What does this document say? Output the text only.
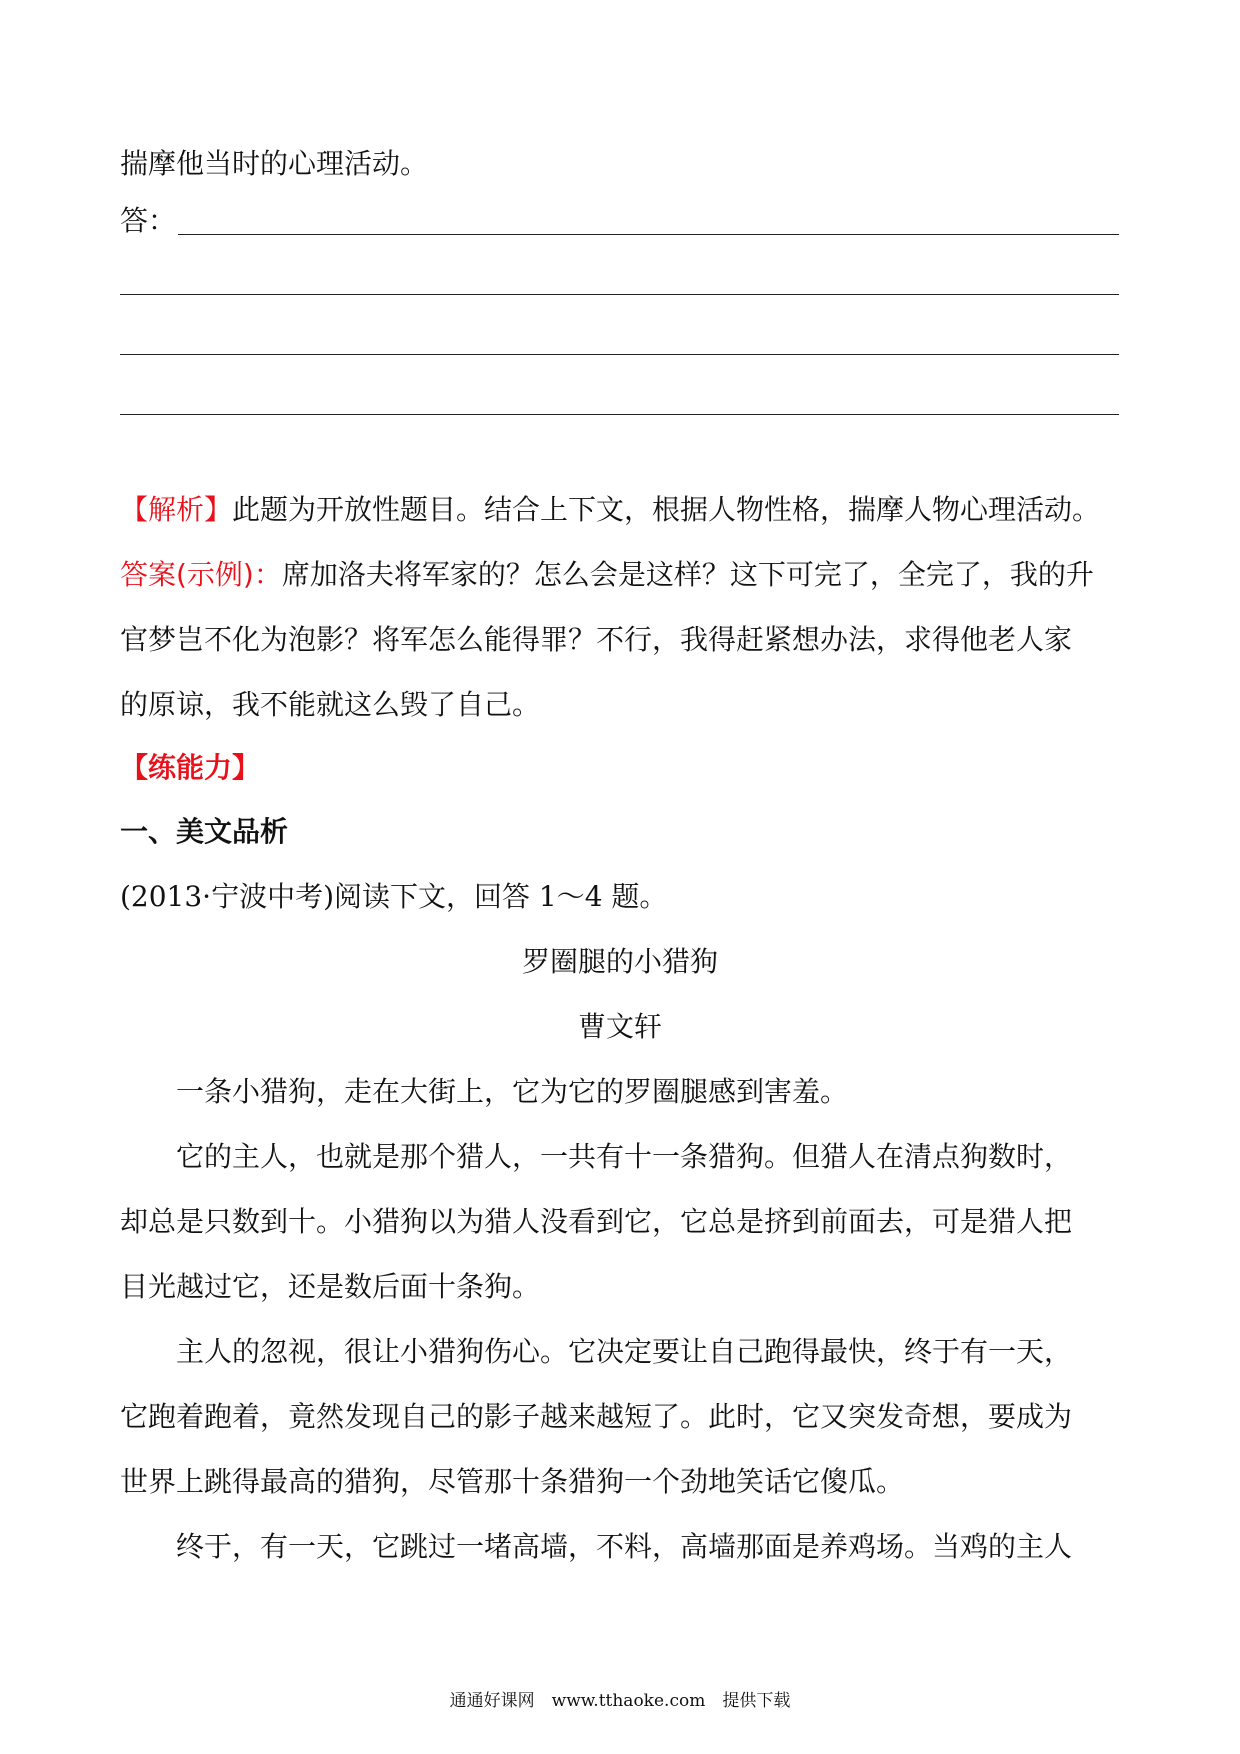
揣摩他当时的心理活动。
答：
【解析】此题为开放性题目。结合上下文，根据人物性格，揣摩人物心理活动。
答案(示例)：席加洛夫将军家的？怎么会是这样？这下可完了，全完了，我的升
官梦岂不化为泡影？将军怎么能得罪？不行，我得赶紧想办法，求得他老人家
的原谅，我不能就这么毁了自己。
【练能力】
一、美文品析
(2013·宁波中考)阅读下文，回答 1～4 题。
罗圈腿的小猎狗
曹文轩
　　一条小猎狗，走在大街上，它为它的罗圈腿感到害羞。
　　它的主人，也就是那个猎人，一共有十一条猎狗。但猎人在清点狗数时，
却总是只数到十。小猎狗以为猎人没看到它，它总是挤到前面去，可是猎人把
目光越过它，还是数后面十条狗。
　　主人的忽视，很让小猎狗伤心。它决定要让自己跑得最快，终于有一天，
它跑着跑着，竟然发现自己的影子越来越短了。此时，它又突发奇想，要成为
世界上跳得最高的猎狗，尽管那十条猎狗一个劲地笑话它傻瓜。
　　终于，有一天，它跳过一堵高墙，不料，高墙那面是养鸡场。当鸡的主人
通通好课网　www.tthaoke.com　提供下载
